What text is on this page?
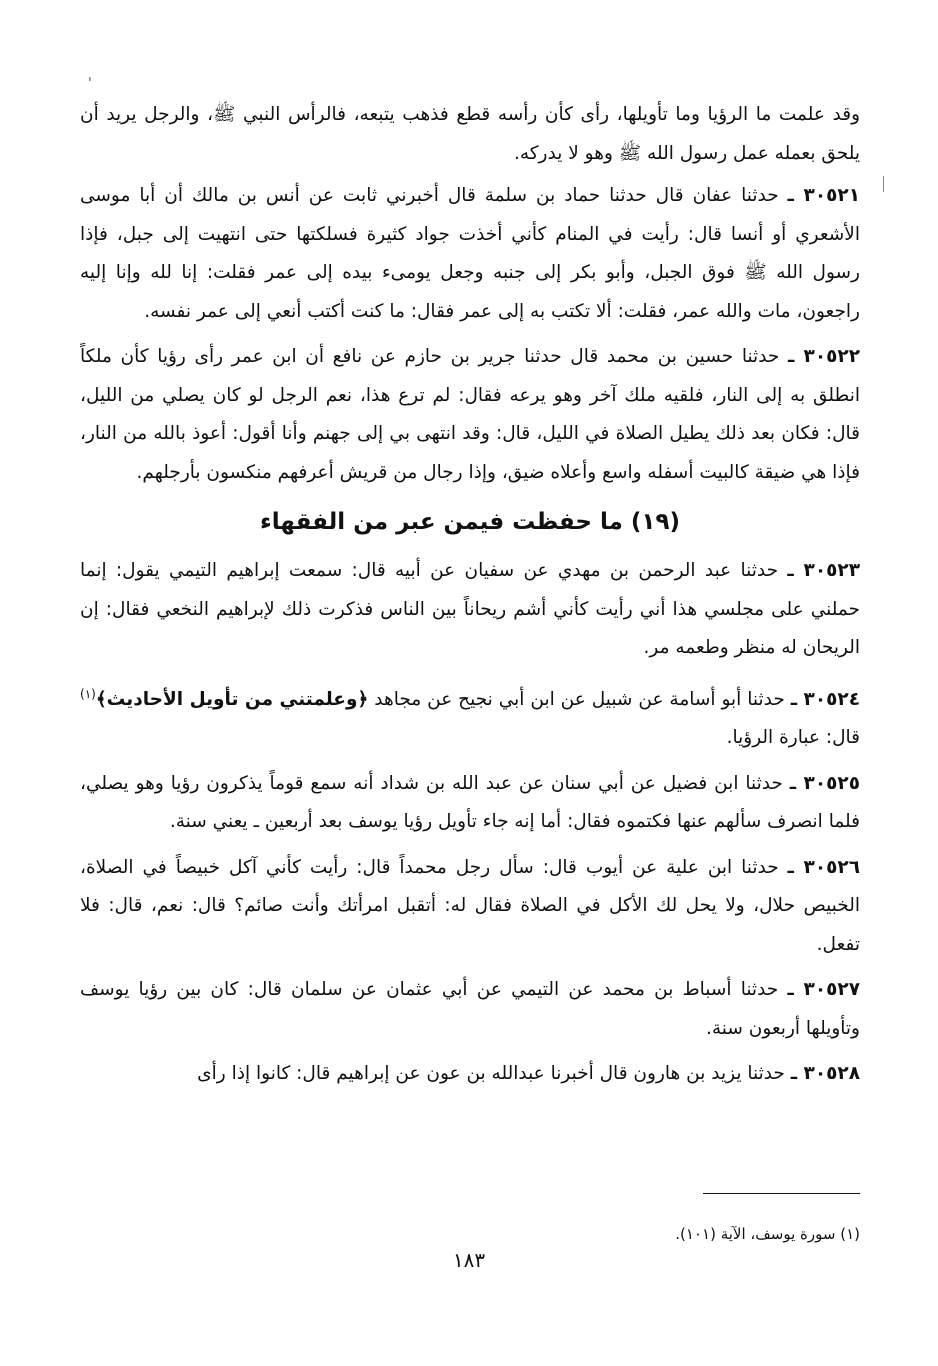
ˈ

وقد علمت ما الرؤيا وما تأويلها، رأى كأن رأسه قطع فذهب يتبعه، فالرأس النبي ﷺ، والرجل يريد أن يلحق بعمله عمل رسول الله ﷺ وهو لا يدركه.

٣٠٥٢١ ـ حدثنا عفان قال حدثنا حماد بن سلمة قال أخبرني ثابت عن أنس بن مالك أن أبا موسى الأشعري أو أنسا قال: رأيت في المنام كأني أخذت جواد كثيرة فسلكتها حتى انتهيت إلى جبل، فإذا رسول الله ﷺ فوق الجبل، وأبو بكر إلى جنبه وجعل يومىء بيده إلى عمر فقلت: إنا لله وإنا إليه راجعون، مات والله عمر، فقلت: ألا تكتب به إلى عمر فقال: ما كنت أكتب أنعي إلى عمر نفسه.

٣٠٥٢٢ ـ حدثنا حسين بن محمد قال حدثنا جرير بن حازم عن نافع أن ابن عمر رأى رؤيا كأن ملكاً انطلق به إلى النار، فلقيه ملك آخر وهو يرعه فقال: لم ترع هذا، نعم الرجل لو كان يصلي من الليل، قال: فكان بعد ذلك يطيل الصلاة في الليل، قال: وقد انتهى بي إلى جهنم وأنا أقول: أعوذ بالله من النار، فإذا هي ضيقة كالبيت أسفله واسع وأعلاه ضيق، وإذا رجال من قريش أعرفهم منكسون بأرجلهم.

(١٩) ما حفظت فيمن عبر من الفقهاء

٣٠٥٢٣ ـ حدثنا عبد الرحمن بن مهدي عن سفيان عن أبيه قال: سمعت إبراهيم التيمي يقول: إنما حملني على مجلسي هذا أني رأيت كأني أشم ريحاناً بين الناس فذكرت ذلك لإبراهيم النخعي فقال: إن الريحان له منظر وطعمه مر.

٣٠٥٢٤ ـ حدثنا أبو أسامة عن شبيل عن ابن أبي نجيح عن مجاهد ﴿وعلمتني من تأويل الأحاديث﴾$^{(١)}$ قال: عبارة الرؤيا.

٣٠٥٢٥ ـ حدثنا ابن فضيل عن أبي سنان عن عبد الله بن شداد أنه سمع قوماً يذكرون رؤيا وهو يصلي، فلما انصرف سألهم عنها فكتموه فقال: أما إنه جاء تأويل رؤيا يوسف بعد أربعين ـ يعني سنة.

٣٠٥٢٦ ـ حدثنا ابن علية عن أيوب قال: سأل رجل محمداً قال: رأيت كأني آكل خبيصاً في الصلاة، الخبيص حلال، ولا يحل لك الأكل في الصلاة فقال له: أتقبل امرأتك وأنت صائم؟ قال: نعم، قال: فلا تفعل.

٣٠٥٢٧ ـ حدثنا أسباط بن محمد عن التيمي عن أبي عثمان عن سلمان قال: كان بين رؤيا يوسف وتأويلها أربعون سنة.

٣٠٥٢٨ ـ حدثنا يزيد بن هارون قال أخبرنا عبدالله بن عون عن إبراهيم قال: كانوا إذا رأى

(١) سورة يوسف، الآية (١٠١).
١٨٣
